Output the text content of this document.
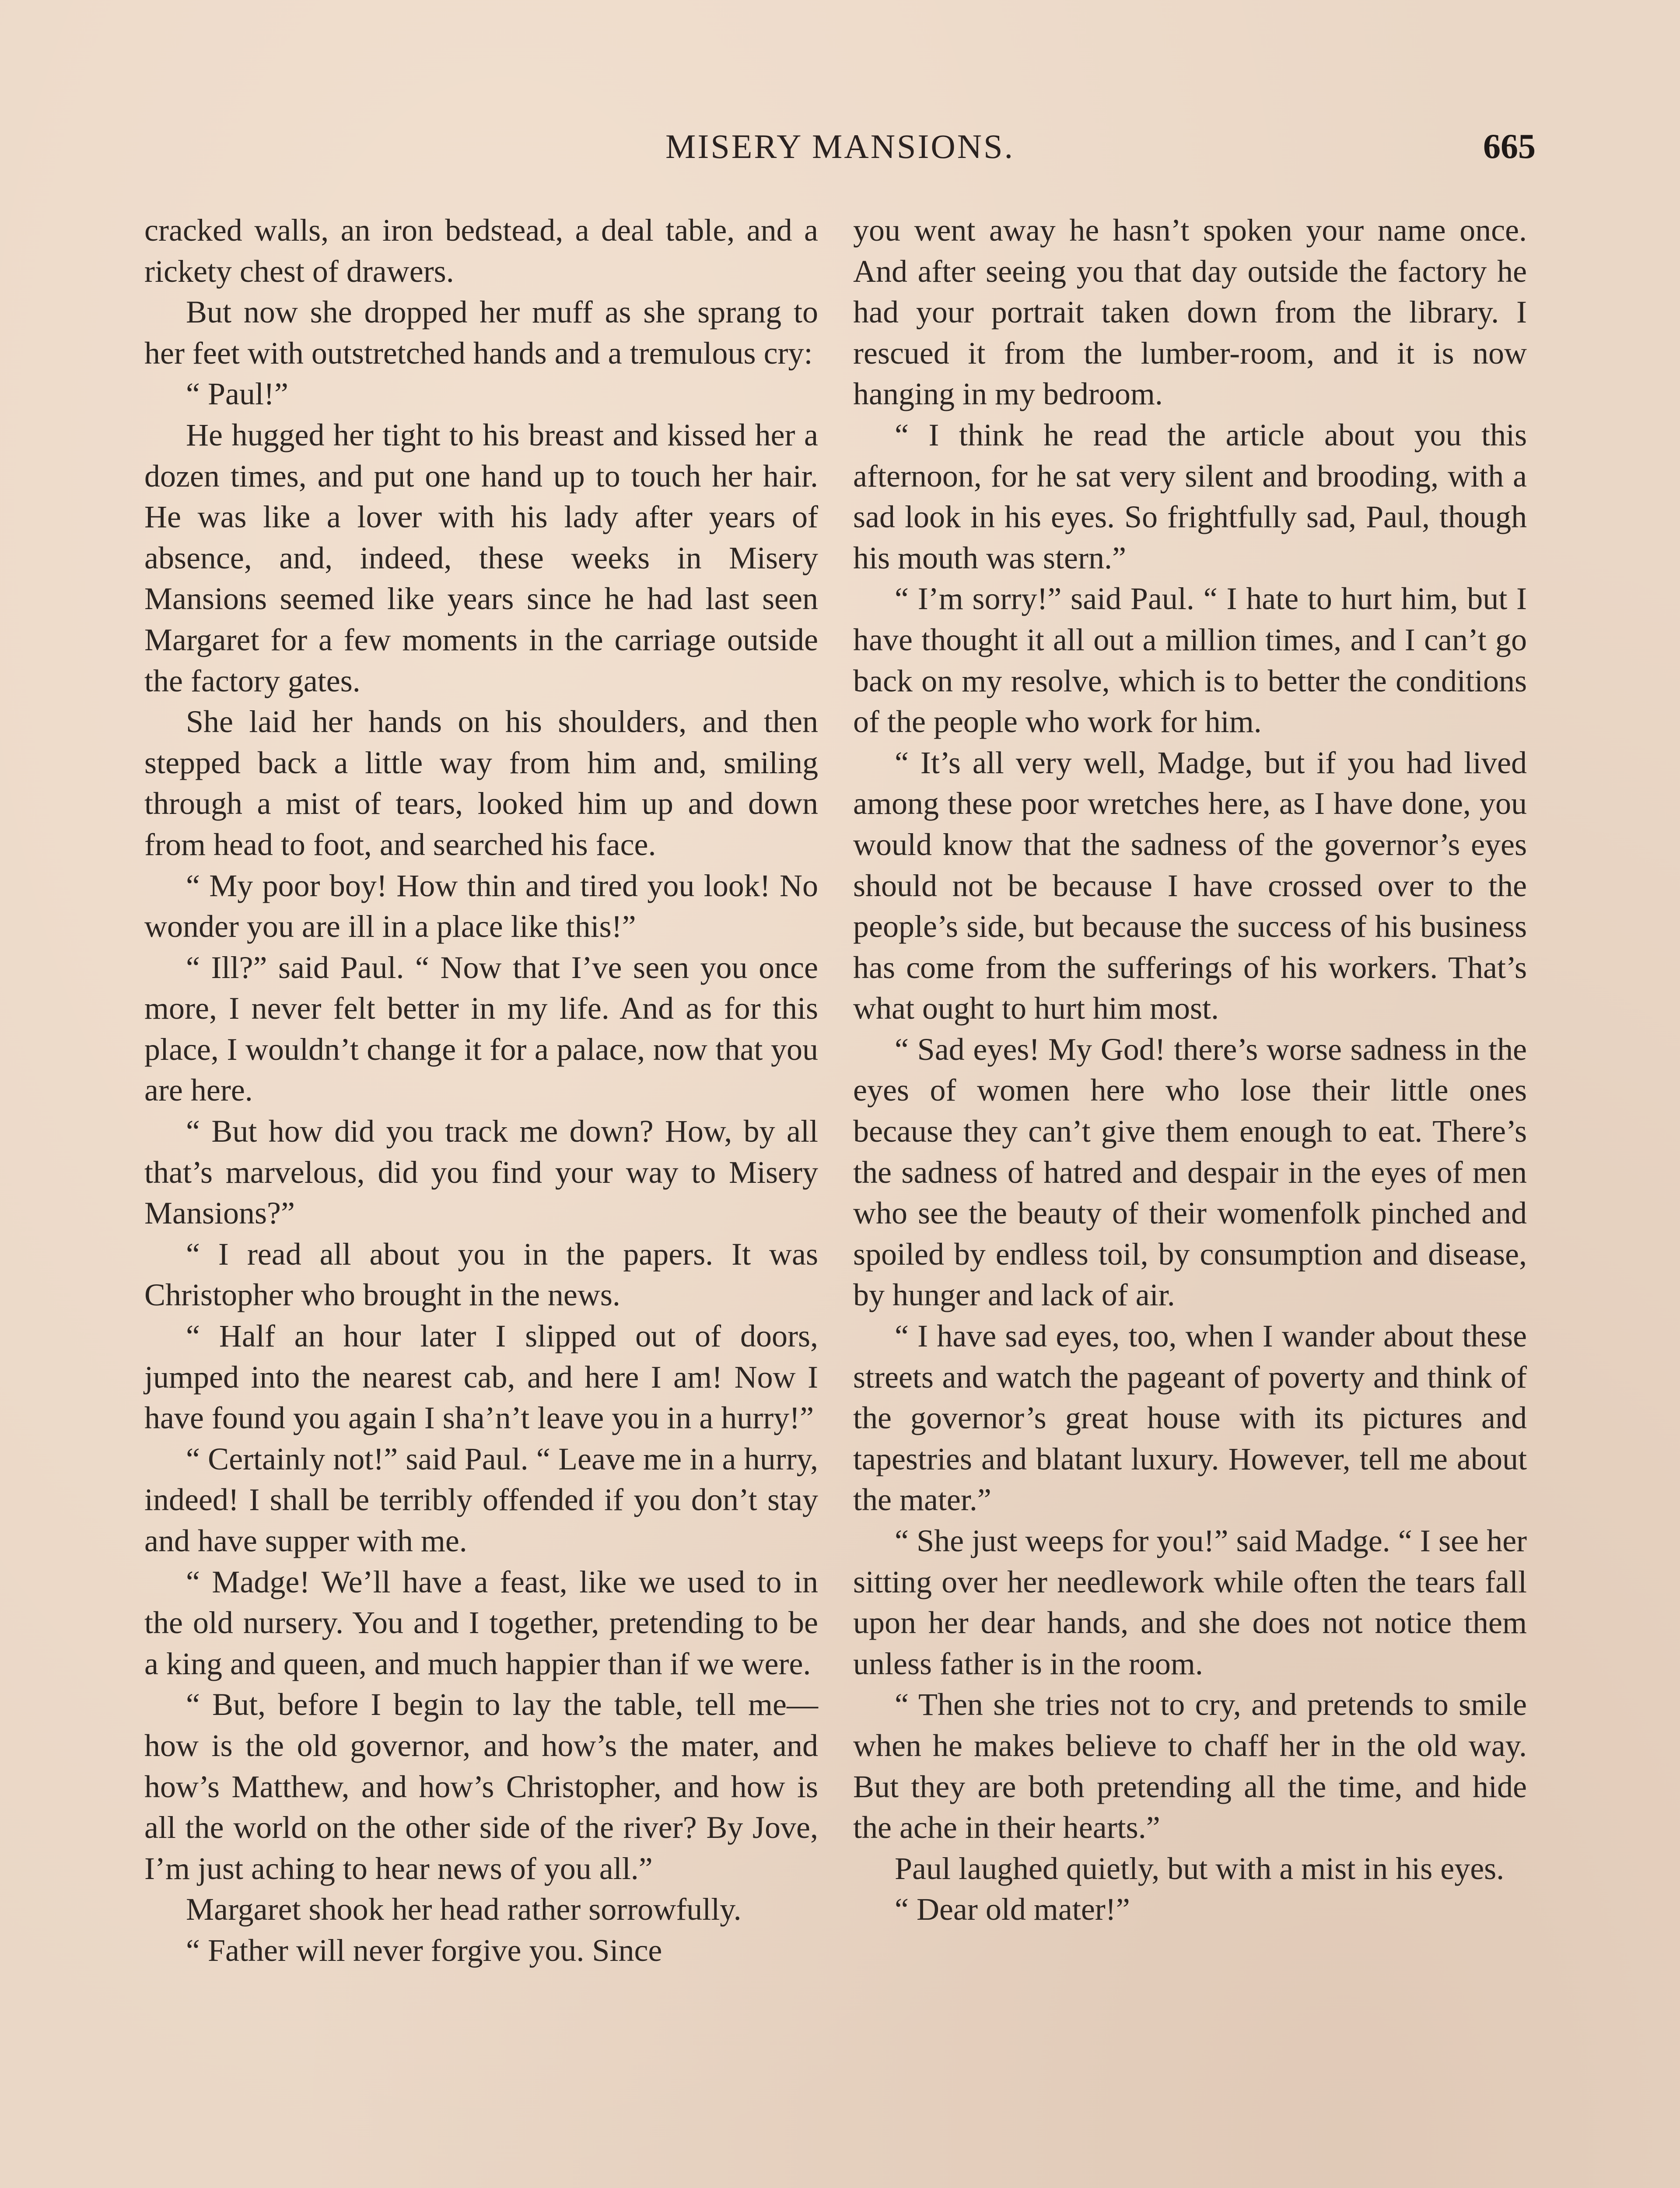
MISERY MANSIONS.	665

cracked walls, an iron bedstead, a deal table, and a rickety chest of drawers.

But now she dropped her muff as she sprang to her feet with outstretched hands and a tremulous cry:

“ Paul!”

He hugged her tight to his breast and kissed her a dozen times, and put one hand up to touch her hair. He was like a lover with his lady after years of absence, and, indeed, these weeks in Misery Mansions seemed like years since he had last seen Margaret for a few moments in the carriage outside the factory gates.

She laid her hands on his shoulders, and then stepped back a little way from him and, smiling through a mist of tears, looked him up and down from head to foot, and searched his face.

“ My poor boy! How thin and tired you look! No wonder you are ill in a place like this!”

“ Ill?” said Paul. “ Now that I’ve seen you once more, I never felt better in my life. And as for this place, I wouldn’t change it for a palace, now that you are here.

“ But how did you track me down? How, by all that’s marvelous, did you find your way to Misery Mansions?”

“ I read all about you in the papers. It was Christopher who brought in the news.

“ Half an hour later I slipped out of doors, jumped into the nearest cab, and here I am! Now I have found you again I sha’n’t leave you in a hurry!”

“ Certainly not!” said Paul. “ Leave me in a hurry, indeed! I shall be terribly offended if you don’t stay and have supper with me.

“ Madge! We’ll have a feast, like we used to in the old nursery. You and I together, pretending to be a king and queen, and much happier than if we were.

“ But, before I begin to lay the table, tell me—how is the old governor, and how’s the mater, and how’s Matthew, and how’s Christopher, and how is all the world on the other side of the river? By Jove, I’m just aching to hear news of you all.”

Margaret shook her head rather sorrowfully.

“ Father will never forgive you. Since

you went away he hasn’t spoken your name once. And after seeing you that day outside the factory he had your portrait taken down from the library. I rescued it from the lumber-room, and it is now hanging in my bedroom.

“ I think he read the article about you this afternoon, for he sat very silent and brooding, with a sad look in his eyes. So frightfully sad, Paul, though his mouth was stern.”

“ I’m sorry!” said Paul. “ I hate to hurt him, but I have thought it all out a million times, and I can’t go back on my resolve, which is to better the conditions of the people who work for him.

“ It’s all very well, Madge, but if you had lived among these poor wretches here, as I have done, you would know that the sadness of the governor’s eyes should not be because I have crossed over to the people’s side, but because the success of his business has come from the sufferings of his workers. That’s what ought to hurt him most.

“ Sad eyes! My God! there’s worse sadness in the eyes of women here who lose their little ones because they can’t give them enough to eat. There’s the sadness of hatred and despair in the eyes of men who see the beauty of their womenfolk pinched and spoiled by endless toil, by consumption and disease, by hunger and lack of air.

“ I have sad eyes, too, when I wander about these streets and watch the pageant of poverty and think of the governor’s great house with its pictures and tapestries and blatant luxury. However, tell me about the mater.”

“ She just weeps for you!” said Madge. “ I see her sitting over her needlework while often the tears fall upon her dear hands, and she does not notice them unless father is in the room.

“ Then she tries not to cry, and pretends to smile when he makes believe to chaff her in the old way. But they are both pretending all the time, and hide the ache in their hearts.”

Paul laughed quietly, but with a mist in his eyes.

“ Dear old mater!”
